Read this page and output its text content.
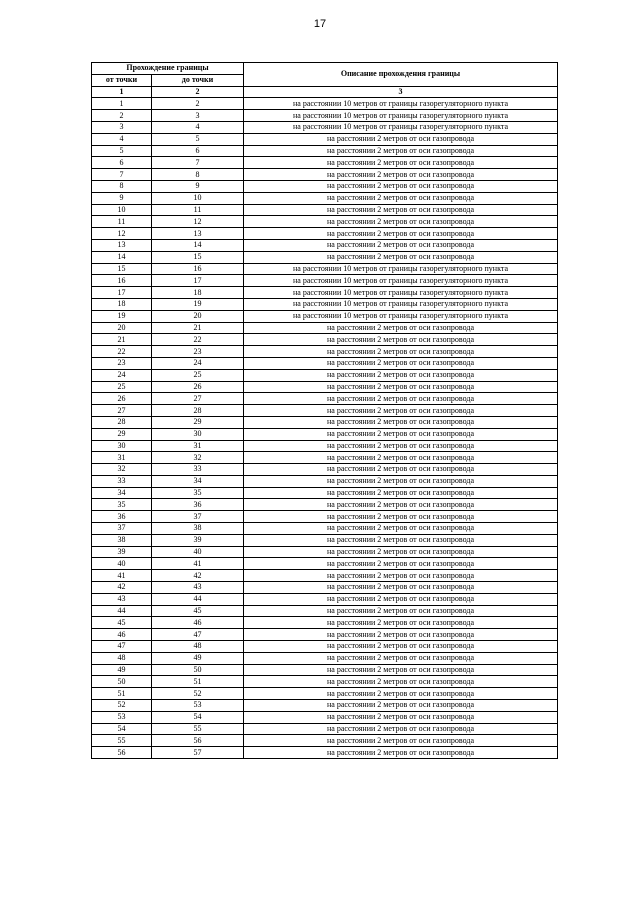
17
Прохождение границы		Описание прохождения границы
от точки	до точки	
1	2	3
1	2	на расстоянии 10 метров от границы газорегуляторного пункта
2	3	на расстоянии 10 метров от границы газорегуляторного пункта
3	4	на расстоянии 10 метров от границы газорегуляторного пункта
4	5	на расстоянии 2 метров от оси газопровода
5	6	на расстоянии 2 метров от оси газопровода
6	7	на расстоянии 2 метров от оси газопровода
7	8	на расстоянии 2 метров от оси газопровода
8	9	на расстоянии 2 метров от оси газопровода
9	10	на расстоянии 2 метров от оси газопровода
10	11	на расстоянии 2 метров от оси газопровода
11	12	на расстоянии 2 метров от оси газопровода
12	13	на расстоянии 2 метров от оси газопровода
13	14	на расстоянии 2 метров от оси газопровода
14	15	на расстоянии 2 метров от оси газопровода
15	16	на расстоянии 10 метров от границы газорегуляторного пункта
16	17	на расстоянии 10 метров от границы газорегуляторного пункта
17	18	на расстоянии 10 метров от границы газорегуляторного пункта
18	19	на расстоянии 10 метров от границы газорегуляторного пункта
19	20	на расстоянии 10 метров от границы газорегуляторного пункта
20	21	на расстоянии 2 метров от оси газопровода
21	22	на расстоянии 2 метров от оси газопровода
22	23	на расстоянии 2 метров от оси газопровода
23	24	на расстоянии 2 метров от оси газопровода
24	25	на расстоянии 2 метров от оси газопровода
25	26	на расстоянии 2 метров от оси газопровода
26	27	на расстоянии 2 метров от оси газопровода
27	28	на расстоянии 2 метров от оси газопровода
28	29	на расстоянии 2 метров от оси газопровода
29	30	на расстоянии 2 метров от оси газопровода
30	31	на расстоянии 2 метров от оси газопровода
31	32	на расстоянии 2 метров от оси газопровода
32	33	на расстоянии 2 метров от оси газопровода
33	34	на расстоянии 2 метров от оси газопровода
34	35	на расстоянии 2 метров от оси газопровода
35	36	на расстоянии 2 метров от оси газопровода
36	37	на расстоянии 2 метров от оси газопровода
37	38	на расстоянии 2 метров от оси газопровода
38	39	на расстоянии 2 метров от оси газопровода
39	40	на расстоянии 2 метров от оси газопровода
40	41	на расстоянии 2 метров от оси газопровода
41	42	на расстоянии 2 метров от оси газопровода
42	43	на расстоянии 2 метров от оси газопровода
43	44	на расстоянии 2 метров от оси газопровода
44	45	на расстоянии 2 метров от оси газопровода
45	46	на расстоянии 2 метров от оси газопровода
46	47	на расстоянии 2 метров от оси газопровода
47	48	на расстоянии 2 метров от оси газопровода
48	49	на расстоянии 2 метров от оси газопровода
49	50	на расстоянии 2 метров от оси газопровода
50	51	на расстоянии 2 метров от оси газопровода
51	52	на расстоянии 2 метров от оси газопровода
52	53	на расстоянии 2 метров от оси газопровода
53	54	на расстоянии 2 метров от оси газопровода
54	55	на расстоянии 2 метров от оси газопровода
55	56	на расстоянии 2 метров от оси газопровода
56	57	на расстоянии 2 метров от оси газопровода
